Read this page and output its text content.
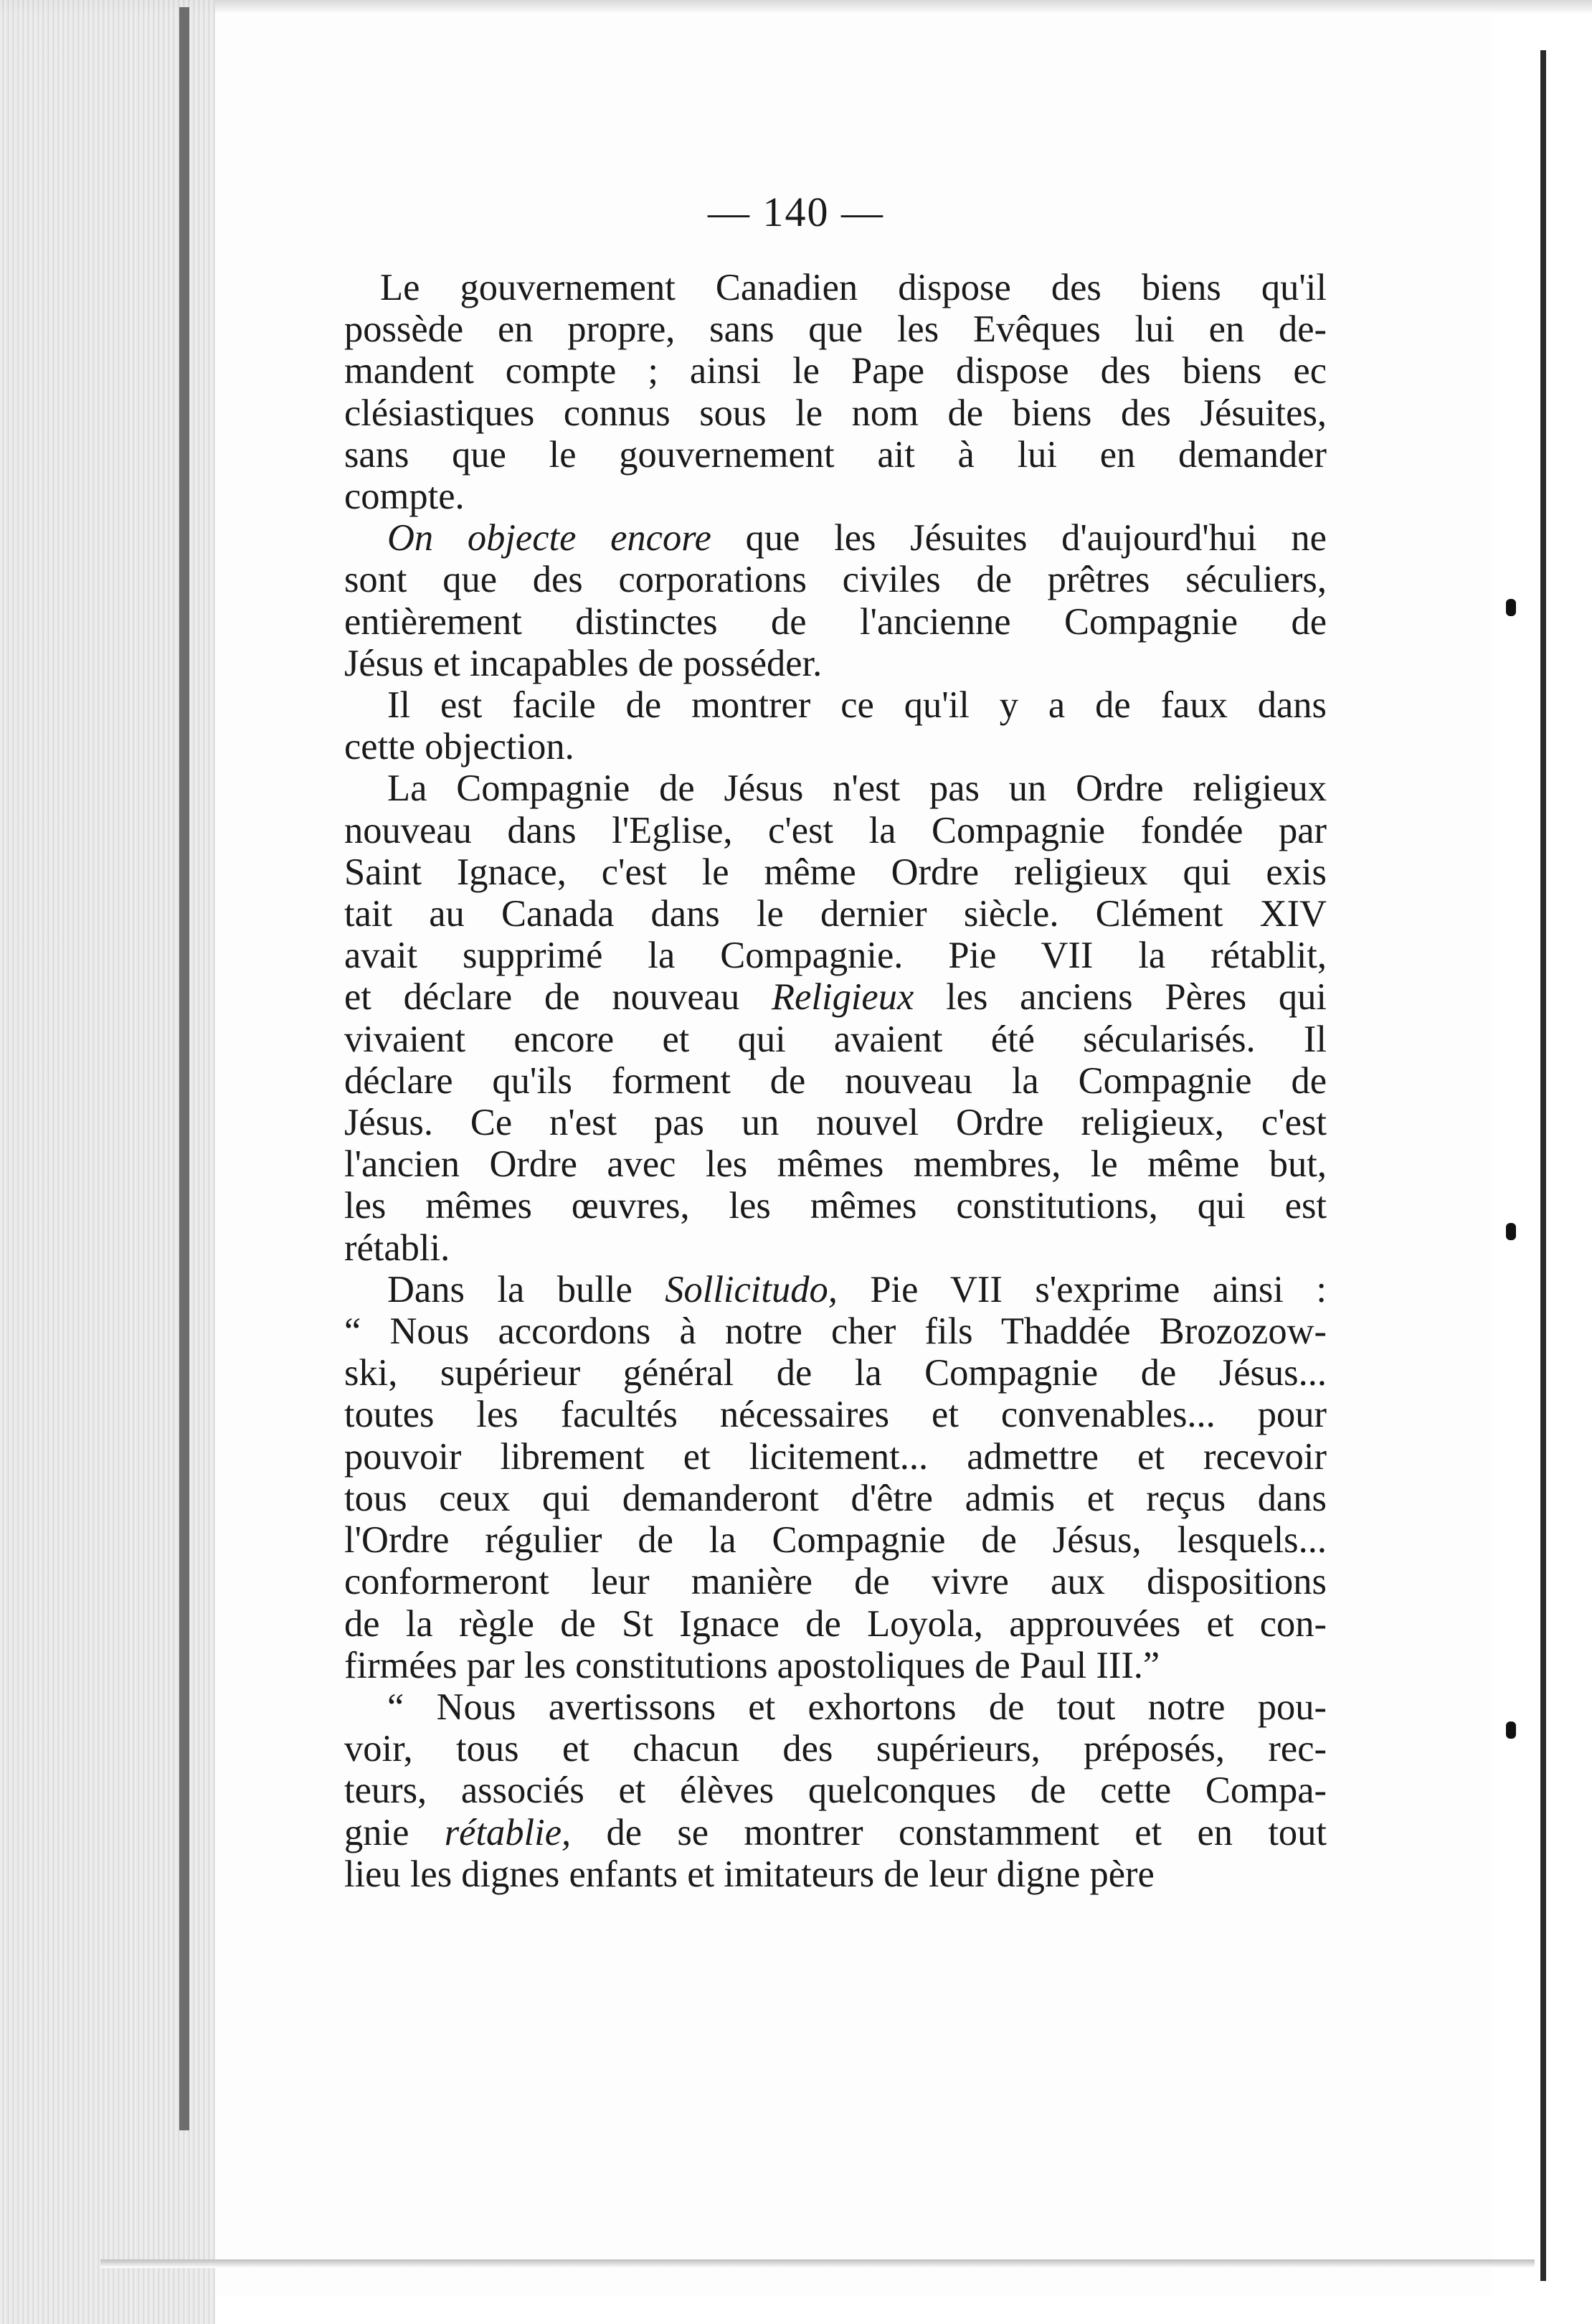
— 140 —

Le gouvernement Canadien dispose des biens qu'il
possède en propre, sans que les Evêques lui en de-
mandent compte ; ainsi le Pape dispose des biens ec
clésiastiques connus sous le nom de biens des Jésuites,
sans que le gouvernement ait à lui en demander
compte.

On objecte encore que les Jésuites d'aujourd'hui ne
sont que des corporations civiles de prêtres séculiers,
entièrement distinctes de l'ancienne Compagnie de
Jésus et incapables de posséder.

Il est facile de montrer ce qu'il y a de faux dans
cette objection.

La Compagnie de Jésus n'est pas un Ordre religieux
nouveau dans l'Eglise, c'est la Compagnie fondée par
Saint Ignace, c'est le même Ordre religieux qui exis
tait au Canada dans le dernier siècle. Clément XIV
avait supprimé la Compagnie. Pie VII la rétablit,
et déclare de nouveau Religieux les anciens Pères qui
vivaient encore et qui avaient été sécularisés. Il
déclare qu'ils forment de nouveau la Compagnie de
Jésus. Ce n'est pas un nouvel Ordre religieux, c'est
l'ancien Ordre avec les mêmes membres, le même but,
les mêmes œuvres, les mêmes constitutions, qui est
rétabli.

Dans la bulle Sollicitudo, Pie VII s'exprime ainsi :
“ Nous accordons à notre cher fils Thaddée Brozozow-
ski, supérieur général de la Compagnie de Jésus...
toutes les facultés nécessaires et convenables... pour
pouvoir librement et licitement... admettre et recevoir
tous ceux qui demanderont d'être admis et reçus dans
l'Ordre régulier de la Compagnie de Jésus, lesquels...
conformeront leur manière de vivre aux dispositions
de la règle de St Ignace de Loyola, approuvées et con-
firmées par les constitutions apostoliques de Paul III.”

“ Nous avertissons et exhortons de tout notre pou-
voir, tous et chacun des supérieurs, préposés, rec-
teurs, associés et élèves quelconques de cette Compa-
gnie rétablie, de se montrer constamment et en tout
lieu les dignes enfants et imitateurs de leur digne père
